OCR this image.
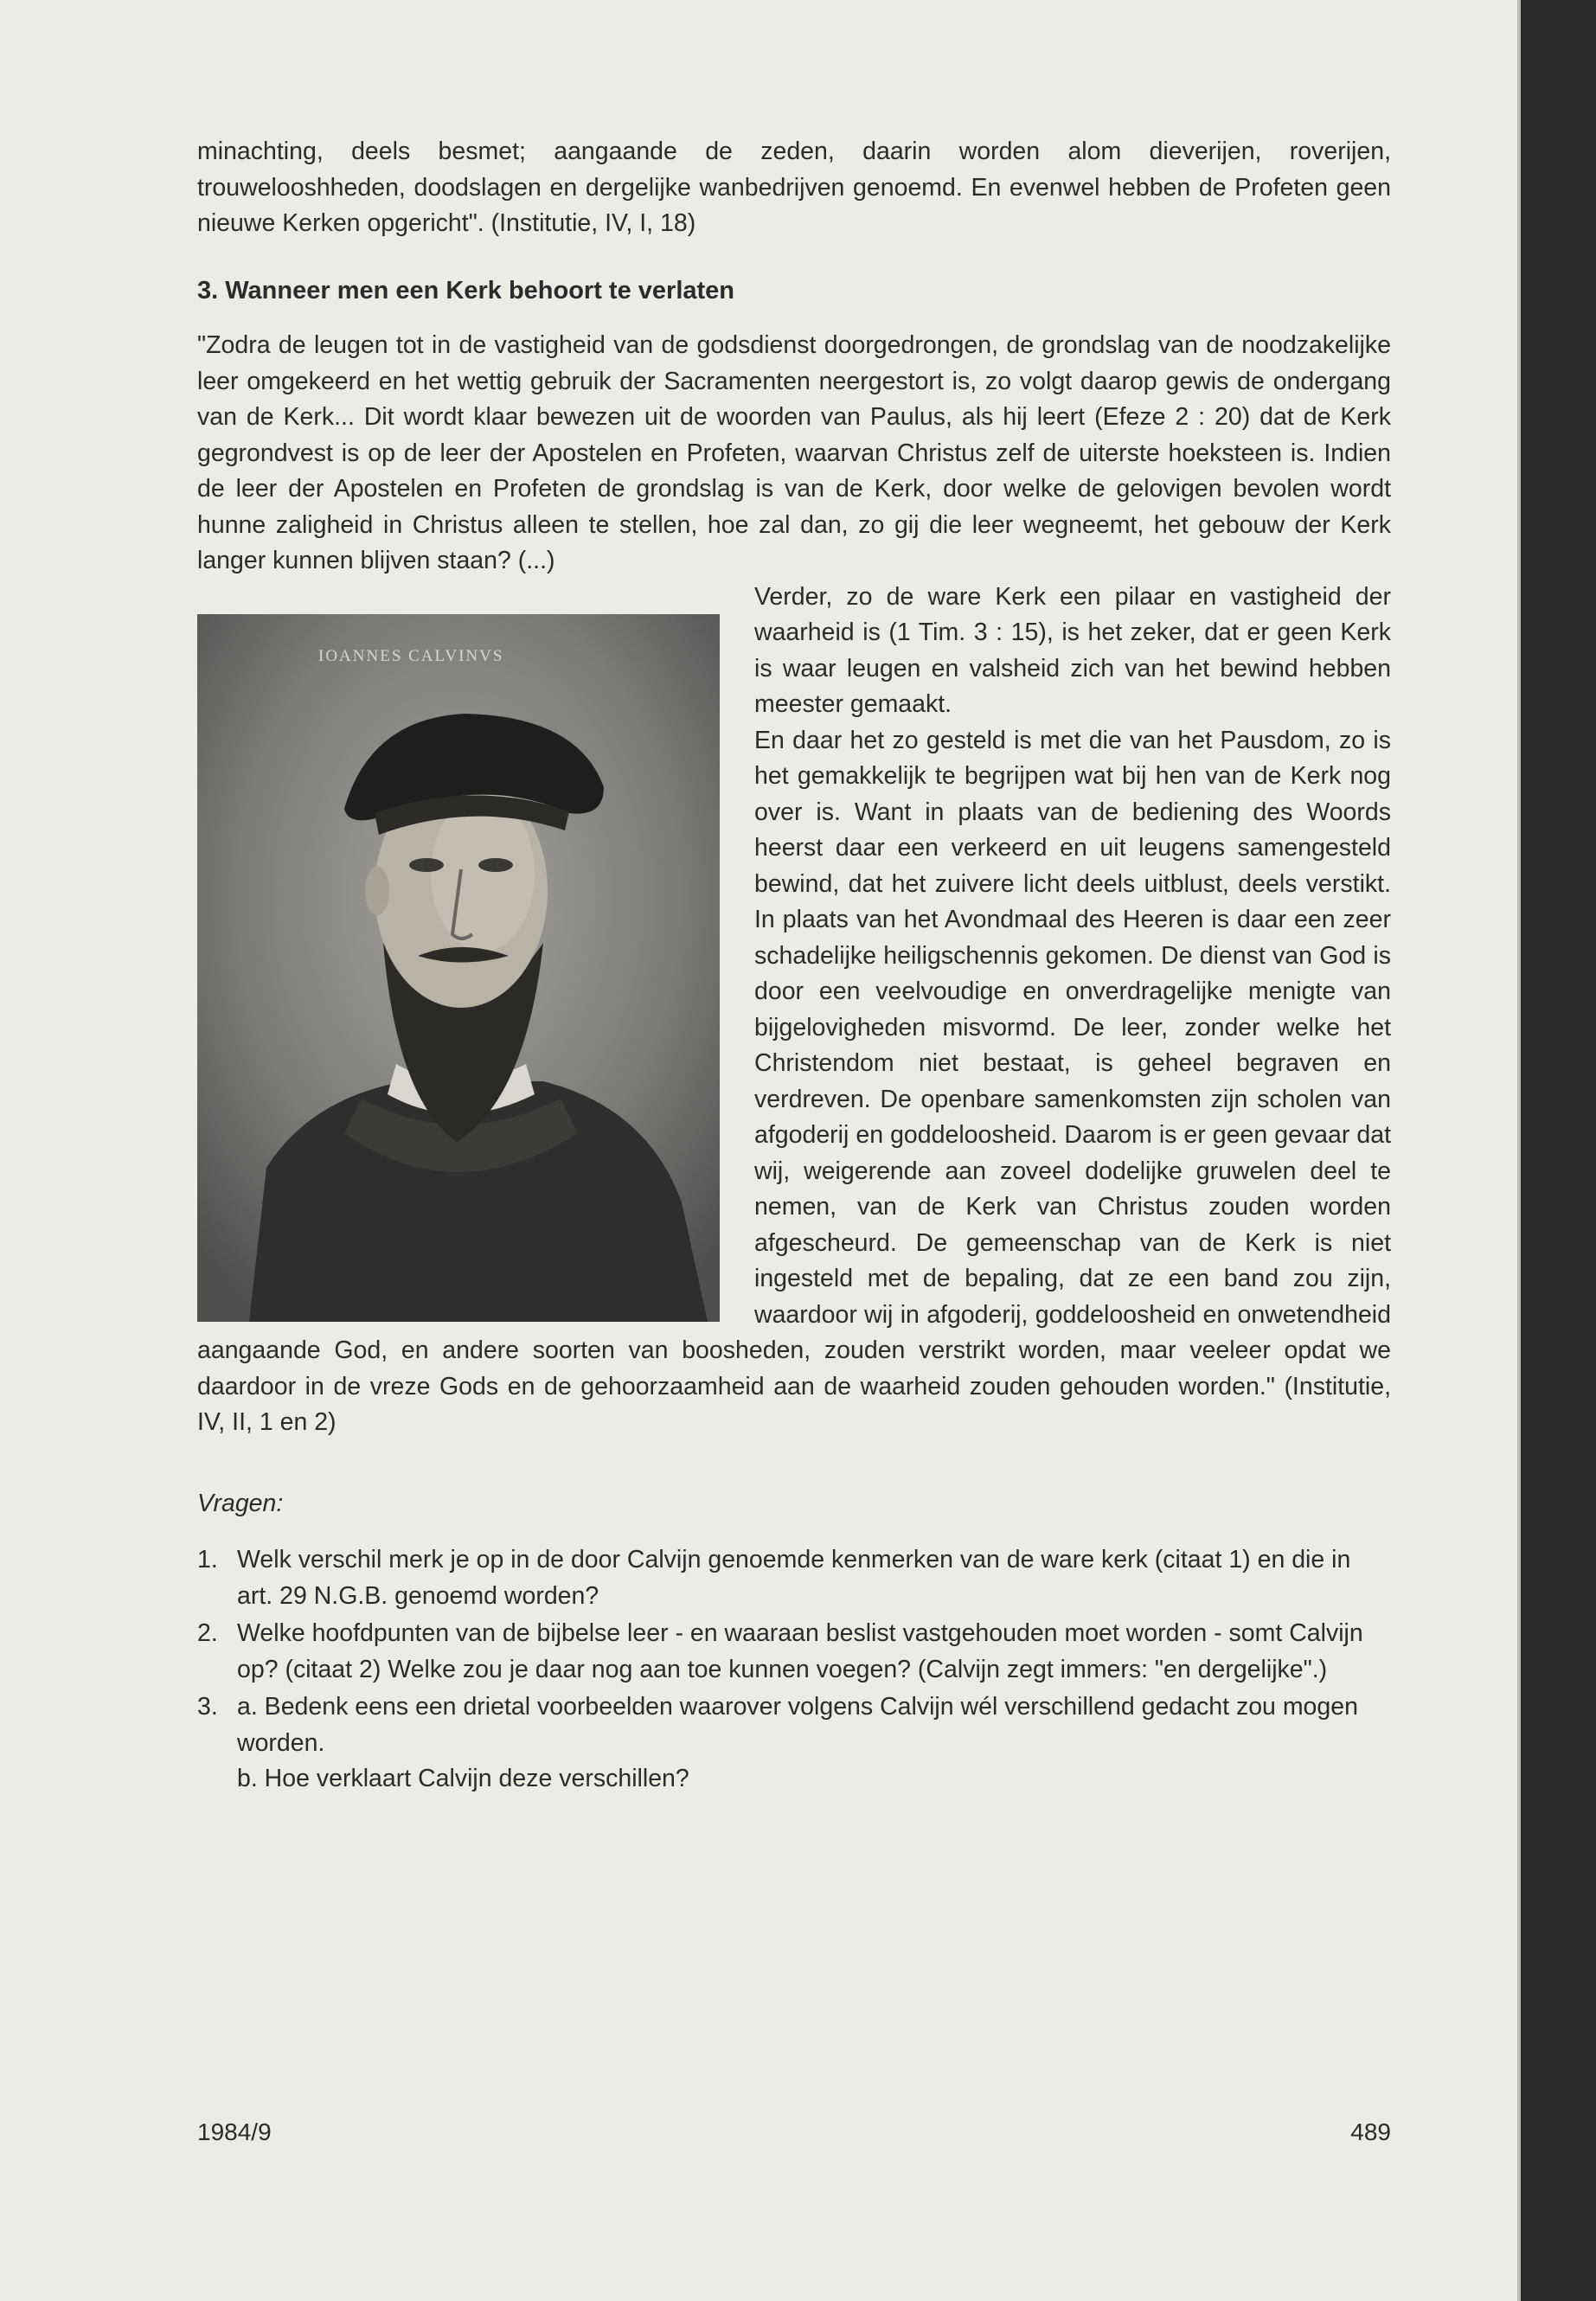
minachting, deels besmet; aangaande de zeden, daarin worden alom dieverijen, roverijen, trouwelooshheden, doodslagen en dergelijke wanbedrijven genoemd. En evenwel hebben de Profeten geen nieuwe Kerken opgericht". (Institutie, IV, I, 18)

3. Wanneer men een Kerk behoort te verlaten

"Zodra de leugen tot in de vastigheid van de godsdienst doorgedrongen, de grondslag van de noodzakelijke leer omgekeerd en het wettig gebruik der Sacramenten neergestort is, zo volgt daarop gewis de ondergang van de Kerk... Dit wordt klaar bewezen uit de woorden van Paulus, als hij leert (Efeze 2 : 20) dat de Kerk gegrondvest is op de leer der Apostelen en Profeten, waarvan Christus zelf de uiterste hoeksteen is. Indien de leer der Apostelen en Profeten de grondslag is van de Kerk, door welke de gelovigen bevolen wordt hunne zaligheid in Christus alleen te stellen, hoe zal dan, zo gij die leer wegneemt, het gebouw der Kerk langer kunnen blijven staan? (...)

IOANNES CALVINVS

Verder, zo de ware Kerk een pilaar en vastigheid der waarheid is (1 Tim. 3 : 15), is het zeker, dat er geen Kerk is waar leugen en valsheid zich van het bewind hebben meester gemaakt.

En daar het zo gesteld is met die van het Pausdom, zo is het gemakkelijk te begrijpen wat bij hen van de Kerk nog over is. Want in plaats van de bediening des Woords heerst daar een verkeerd en uit leugens samengesteld bewind, dat het zuivere licht deels uitblust, deels verstikt. In plaats van het Avondmaal des Heeren is daar een zeer schadelijke heiligschennis gekomen. De dienst van God is door een veelvoudige en onverdragelijke menigte van bijgelovigheden misvormd. De leer, zonder welke het Christendom niet bestaat, is geheel begraven en verdreven. De openbare samenkomsten zijn scholen van afgoderij en goddeloosheid. Daarom is er geen gevaar dat wij, weigerende aan zoveel dodelijke gruwelen deel te nemen, van de Kerk van Christus zouden worden afgescheurd. De gemeenschap van de Kerk is niet ingesteld met de bepaling, dat ze een band zou zijn, waardoor wij in afgoderij, goddeloosheid en onwetendheid aangaande God, en andere soorten van boosheden, zouden verstrikt worden, maar veeleer opdat we daardoor in de vreze Gods en de gehoorzaamheid aan de waarheid zouden gehouden worden." (Institutie, IV, II, 1 en 2)

Vragen:

1. Welk verschil merk je op in de door Calvijn genoemde kenmerken van de ware kerk (citaat 1) en die in art. 29 N.G.B. genoemd worden?
2. Welke hoofdpunten van de bijbelse leer - en waaraan beslist vastgehouden moet worden - somt Calvijn op? (citaat 2) Welke zou je daar nog aan toe kunnen voegen? (Calvijn zegt immers: "en dergelijke".)
3. a. Bedenk eens een drietal voorbeelden waarover volgens Calvijn wél verschillend gedacht zou mogen worden.
b. Hoe verklaart Calvijn deze verschillen?
1984/9	489
